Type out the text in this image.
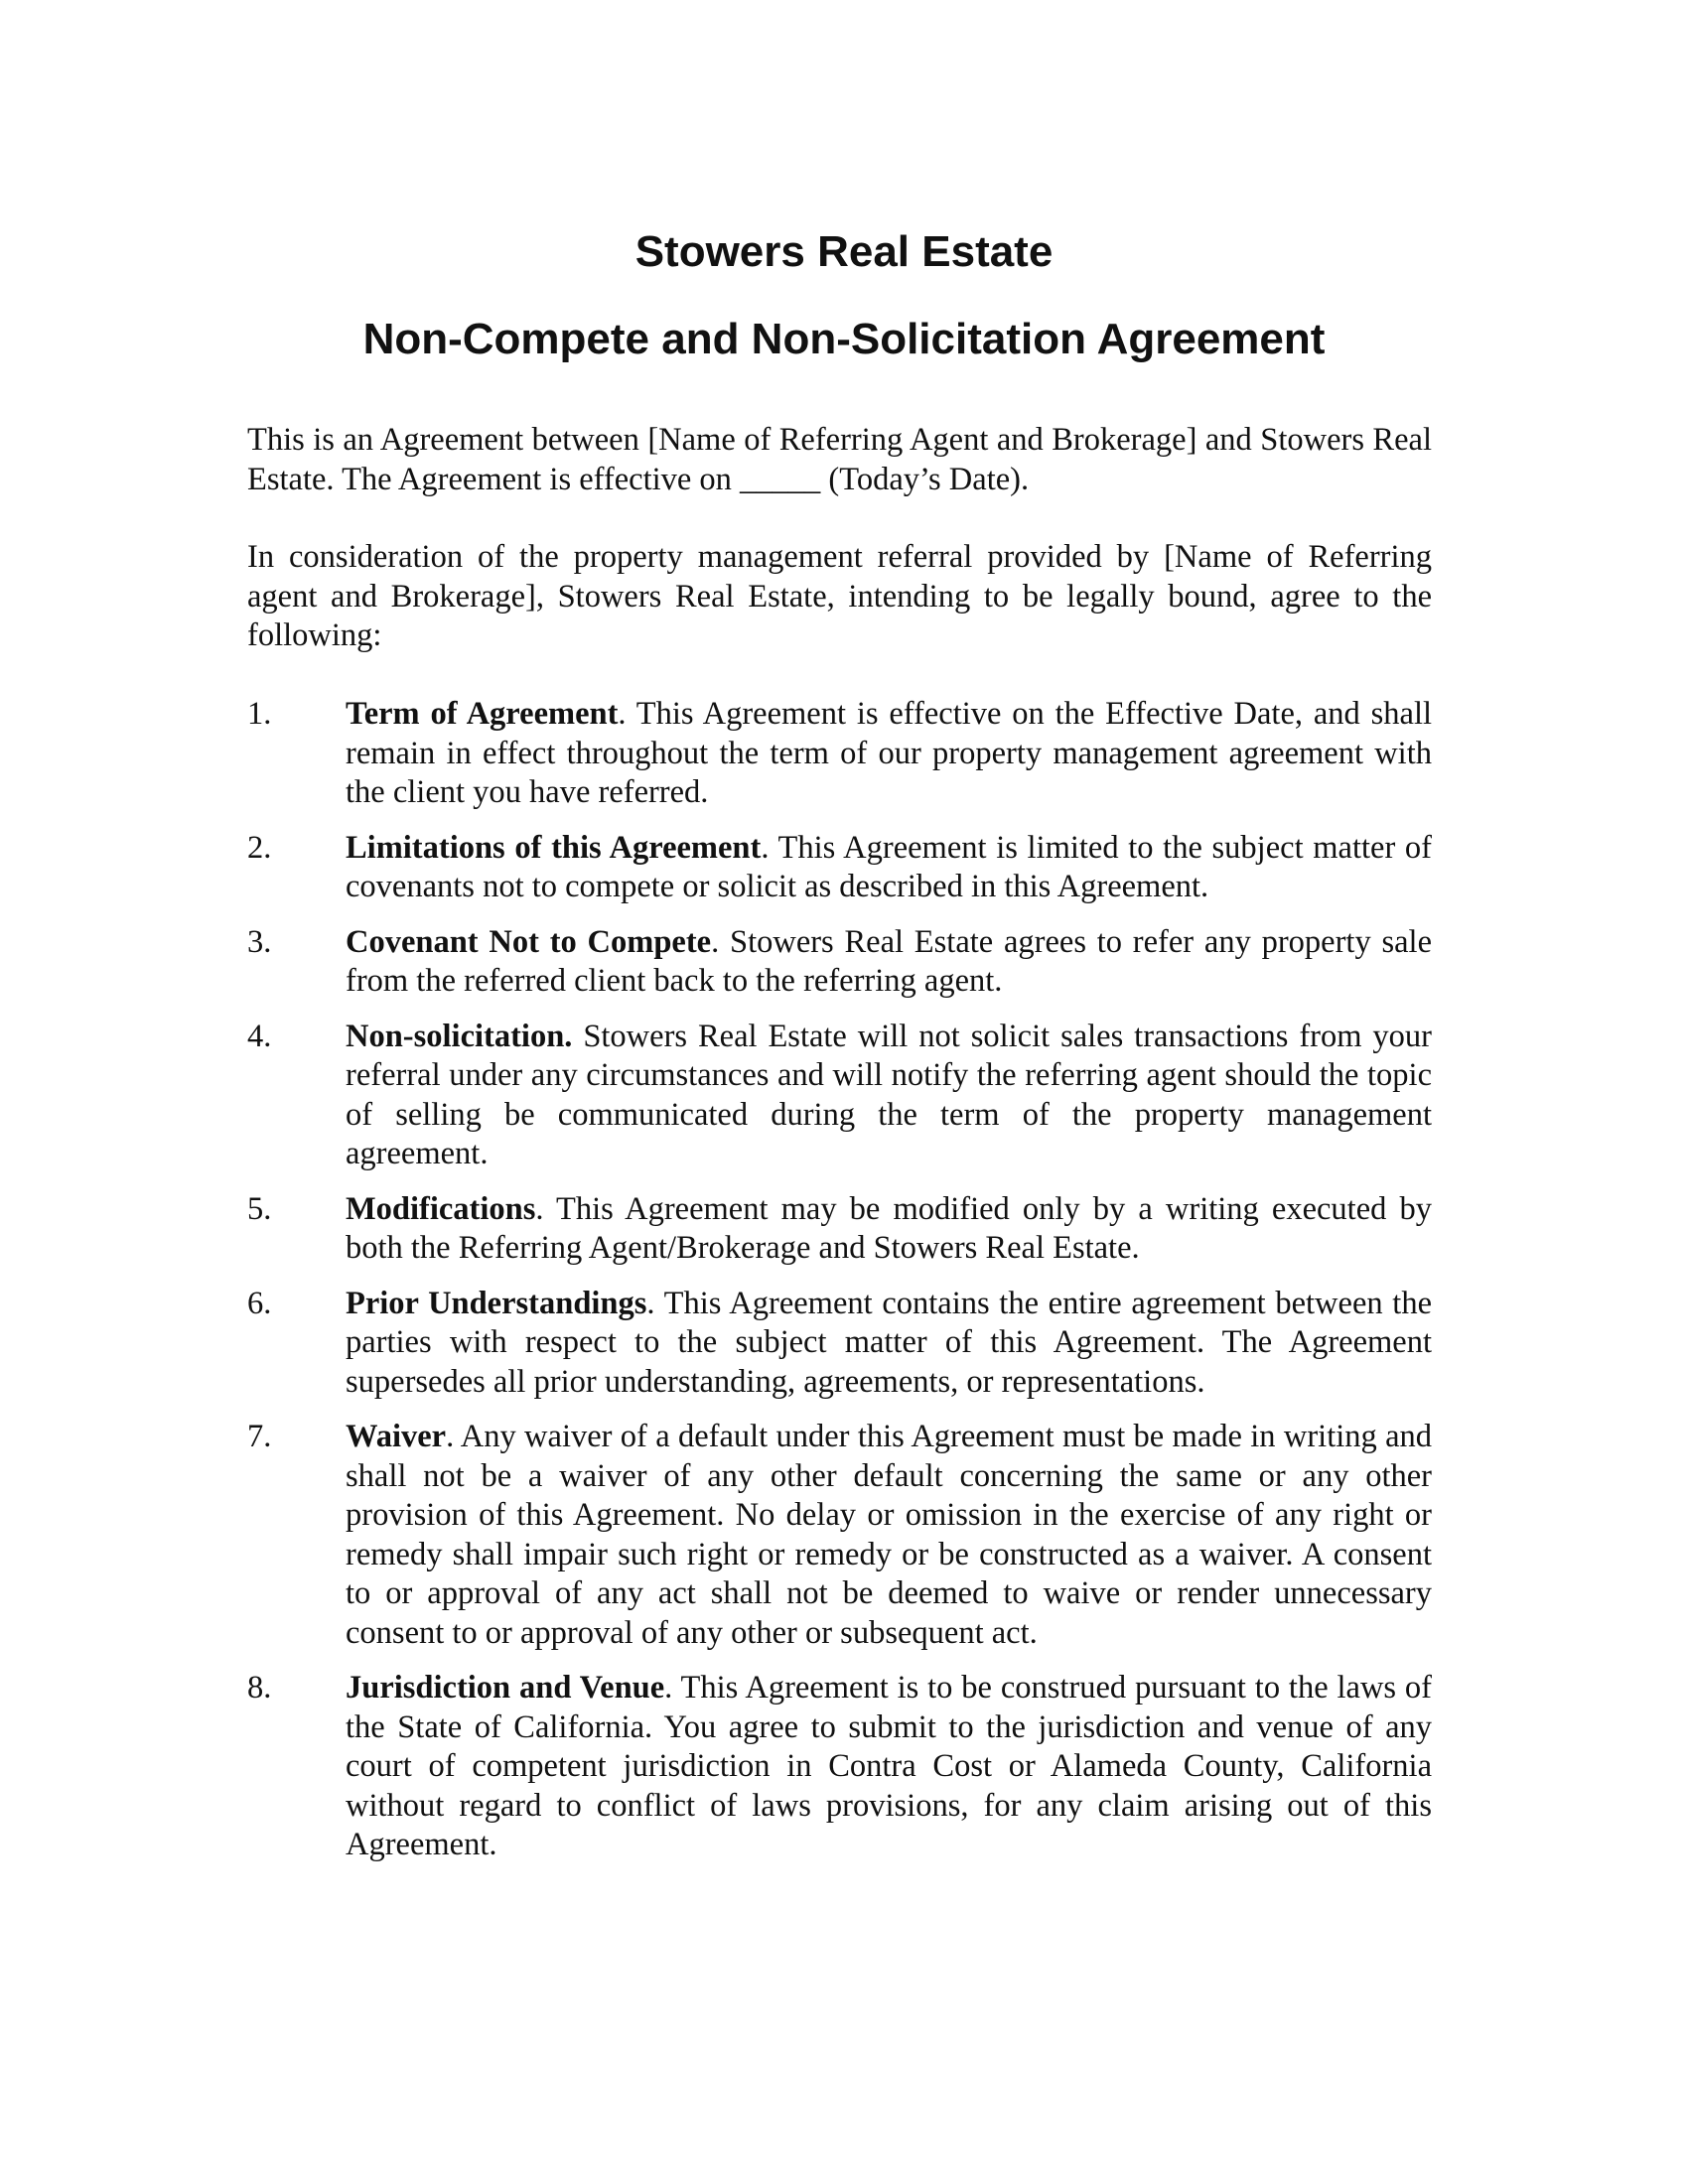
Stowers Real Estate
Non-Compete and Non-Solicitation Agreement

This is an Agreement between [Name of Referring Agent and Brokerage] and Stowers Real Estate. The Agreement is effective on _____ (Today’s Date).

In consideration of the property management referral provided by [Name of Referring agent and Brokerage], Stowers Real Estate, intending to be legally bound, agree to the following:

1. Term of Agreement. This Agreement is effective on the Effective Date, and shall remain in effect throughout the term of our property management agreement with the client you have referred.
2. Limitations of this Agreement. This Agreement is limited to the subject matter of covenants not to compete or solicit as described in this Agreement.
3. Covenant Not to Compete. Stowers Real Estate agrees to refer any property sale from the referred client back to the referring agent.
4. Non-solicitation. Stowers Real Estate will not solicit sales transactions from your referral under any circumstances and will notify the referring agent should the topic of selling be communicated during the term of the property management agreement.
5. Modifications. This Agreement may be modified only by a writing executed by both the Referring Agent/Brokerage and Stowers Real Estate.
6. Prior Understandings. This Agreement contains the entire agreement between the parties with respect to the subject matter of this Agreement. The Agreement supersedes all prior understanding, agreements, or representations.
7. Waiver. Any waiver of a default under this Agreement must be made in writing and shall not be a waiver of any other default concerning the same or any other provision of this Agreement. No delay or omission in the exercise of any right or remedy shall impair such right or remedy or be constructed as a waiver. A consent to or approval of any act shall not be deemed to waive or render unnecessary consent to or approval of any other or subsequent act.
8. Jurisdiction and Venue. This Agreement is to be construed pursuant to the laws of the State of California. You agree to submit to the jurisdiction and venue of any court of competent jurisdiction in Contra Cost or Alameda County, California without regard to conflict of laws provisions, for any claim arising out of this Agreement.
